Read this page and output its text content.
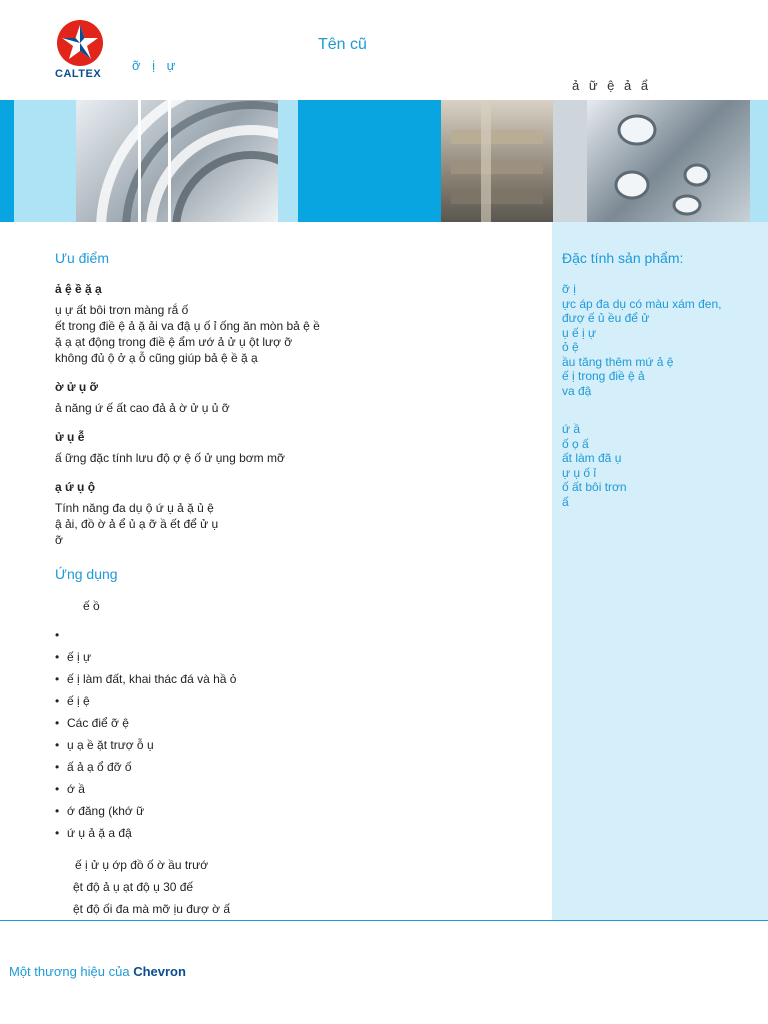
CALTEX
Tên cũ
ỡ ị ự
ả ữ ệ ả ẩ
Ưu điểm
ả ệ ề ặ ạ
ụ ự ất bôi trơn màng rắ ố
ết trong điề ệ ả ặ ải va đậ ụ ố ỉ ống ăn mòn bả ệ ề
ặ ạ ạt động trong điề ệ ẩm ướ ả ử ụ ột lượ ỡ
không đủ ộ ở ạ ỗ cũng giúp bả ệ ề ặ ạ
ờ ử ụ ỡ
ả năng ứ ế ất cao đả ả ờ ử ụ ủ ỡ
ử ụ ễ
ấ ững đặc tính lưu độ ợ ệ ố ử ụng bơm mỡ
ạ ứ ụ ộ
Tính năng đa dụ ộ ứ ụ ả ặ ủ ệ
ậ ải, đồ ờ ả ể ủ ạ ỡ ầ ết để ử ụ
ỡ
Ứng dụng
ế ồ
•
• ế ị ự
• ế ị làm đất, khai thác đá và hầ ỏ
• ế ị ệ
• Các điể ỡ ệ
• ụ ạ ề ặt trượ ỗ ụ
• ấ ả ạ ổ đỡ ố
• ớ ầ
• ớ đăng (khớ ữ
• ứ ụ ả ặ a đậ
ế ị ử ụ ớp đồ ố ờ ầu trướ
ệt độ ả ụ ạt độ ụ 30 đế
ệt độ ối đa mà mỡ ịu đượ ờ ấ
Đặc tính sản phẩm:
ỡ ị
ực áp đa dụ có màu xám đen,
đượ ế ủ ều để ử
ụ ế ị ự
ỏ ệ
ầu tăng thêm mứ ả ệ
ế ị trong điề ệ ả
va đậ
ứ ầ
ố ọ ấ
ất làm đã ụ
ự ụ ố ỉ
ố ất bôi trơn
ấ
Một thương hiệu của Chevron
